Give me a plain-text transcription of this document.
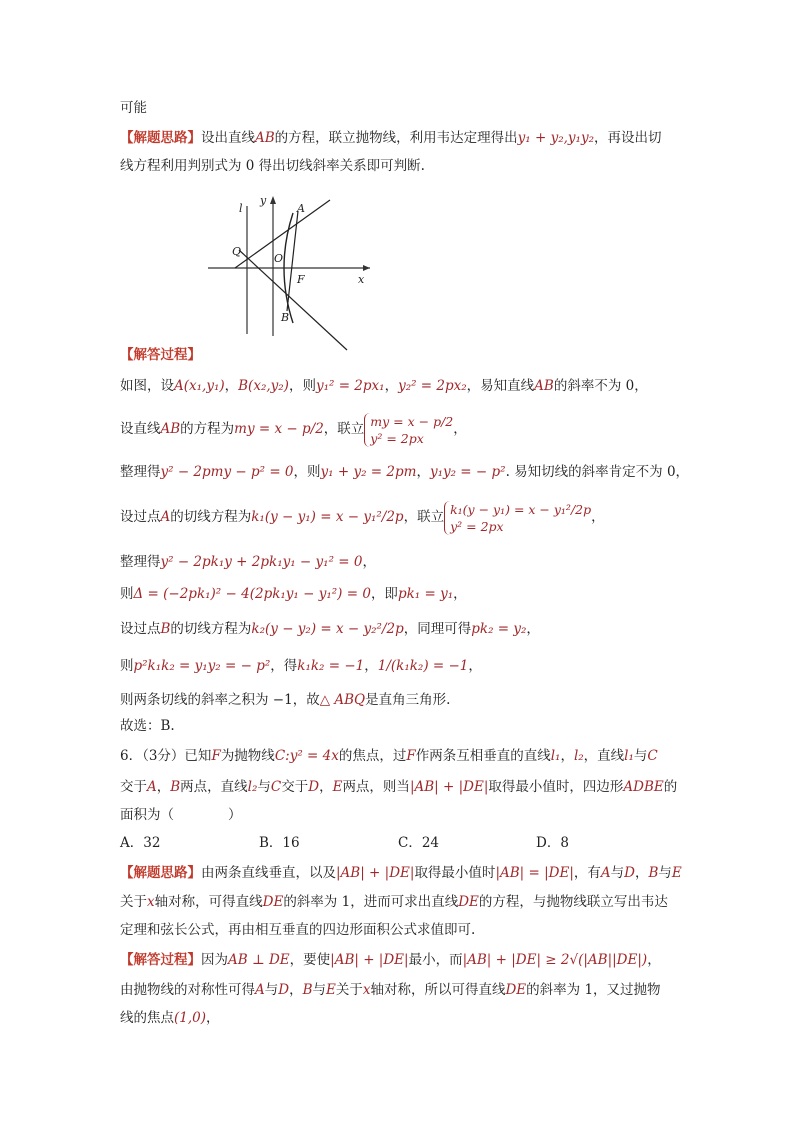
可能
【解题思路】设出直线AB的方程，联立抛物线，利用韦达定理得出y₁ + y₂,y₁y₂，再设出切
线方程利用判别式为 0 得出切线斜率关系即可判断.
l
y
x
A
B
Q
O
F
【解答过程】
如图，设A(x₁,y₁)，B(x₂,y₂)，则y₁² = 2px₁，y₂² = 2px₂，易知直线AB的斜率不为 0，
设直线AB的方程为my = x − p/2，联立 my = x − p/2
y² = 2px，
整理得y² − 2pmy − p² = 0，则y₁ + y₂ = 2pm，y₁y₂ = − p². 易知切线的斜率肯定不为 0，
设过点A的切线方程为k₁(y − y₁) = x − y₁²/2p，联立 k₁(y − y₁) = x − y₁²/2p
y² = 2px，
整理得y² − 2pk₁y + 2pk₁y₁ − y₁² = 0，
则Δ = (−2pk₁)² − 4(2pk₁y₁ − y₁²) = 0，即pk₁ = y₁，
设过点B的切线方程为k₂(y − y₂) = x − y₂²/2p，同理可得pk₂ = y₂，
则p²k₁k₂ = y₁y₂ = − p²，得k₁k₂ = −1，1/(k₁k₂) = −1，
则两条切线的斜率之积为 −1，故△ ABQ是直角三角形.
故选：B.
6．（3分）已知F为抛物线C:y² = 4x的焦点，过F作两条互相垂直的直线l₁，l₂，直线l₁与C
交于A，B两点，直线l₂与C交于D，E两点，则当|AB| + |DE|取得最小值时，四边形ADBE的
面积为（　　　　）
A．32	B．16	C．24	D．8
【解题思路】由两条直线垂直，以及|AB| + |DE|取得最小值时|AB| = |DE|，有A与D，B与E
关于x轴对称，可得直线DE的斜率为 1，进而可求出直线DE的方程，与抛物线联立写出韦达
定理和弦长公式，再由相互垂直的四边形面积公式求值即可.
【解答过程】因为AB ⊥ DE，要使|AB| + |DE|最小，而|AB| + |DE| ≥ 2√(|AB||DE|)，
由抛物线的对称性可得A与D，B与E关于x轴对称，所以可得直线DE的斜率为 1，又过抛物
线的焦点(1,0)，
